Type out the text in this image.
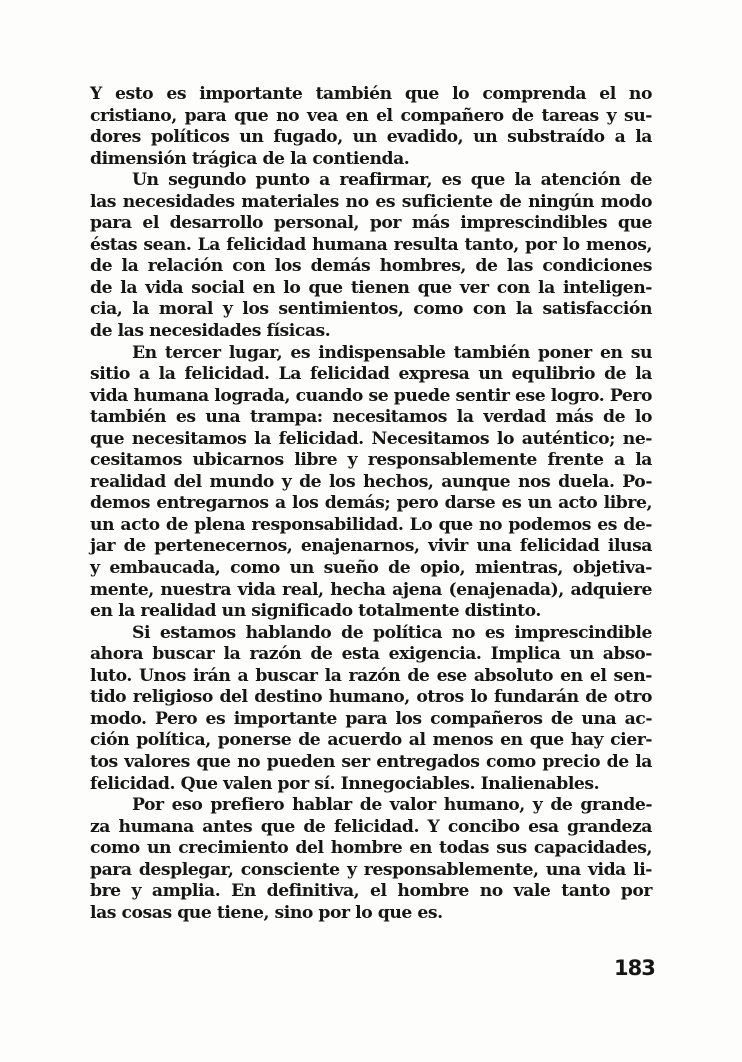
Y esto es importante también que lo comprenda el no
cristiano, para que no vea en el compañero de tareas y su-
dores políticos un fugado, un evadido, un substraído a la
dimensión trágica de la contienda.
Un segundo punto a reafirmar, es que la atención de
las necesidades materiales no es suficiente de ningún modo
para el desarrollo personal, por más imprescindibles que
éstas sean. La felicidad humana resulta tanto, por lo menos,
de la relación con los demás hombres, de las condiciones
de la vida social en lo que tienen que ver con la inteligen-
cia, la moral y los sentimientos, como con la satisfacción
de las necesidades físicas.
En tercer lugar, es indispensable también poner en su
sitio a la felicidad. La felicidad expresa un equlibrio de la
vida humana lograda, cuando se puede sentir ese logro. Pero
también es una trampa: necesitamos la verdad más de lo
que necesitamos la felicidad. Necesitamos lo auténtico; ne-
cesitamos ubicarnos libre y responsablemente frente a la
realidad del mundo y de los hechos, aunque nos duela. Po-
demos entregarnos a los demás; pero darse es un acto libre,
un acto de plena responsabilidad. Lo que no podemos es de-
jar de pertenecernos, enajenarnos, vivir una felicidad ilusa
y embaucada, como un sueño de opio, mientras, objetiva-
mente, nuestra vida real, hecha ajena (enajenada), adquiere
en la realidad un significado totalmente distinto.
Si estamos hablando de política no es imprescindible
ahora buscar la razón de esta exigencia. Implica un abso-
luto. Unos irán a buscar la razón de ese absoluto en el sen-
tido religioso del destino humano, otros lo fundarán de otro
modo. Pero es importante para los compañeros de una ac-
ción política, ponerse de acuerdo al menos en que hay cier-
tos valores que no pueden ser entregados como precio de la
felicidad. Que valen por sí. Innegociables. Inalienables.
Por eso prefiero hablar de valor humano, y de grande-
za humana antes que de felicidad. Y concibo esa grandeza
como un crecimiento del hombre en todas sus capacidades,
para desplegar, consciente y responsablemente, una vida li-
bre y amplia. En definitiva, el hombre no vale tanto por
las cosas que tiene, sino por lo que es.
183
